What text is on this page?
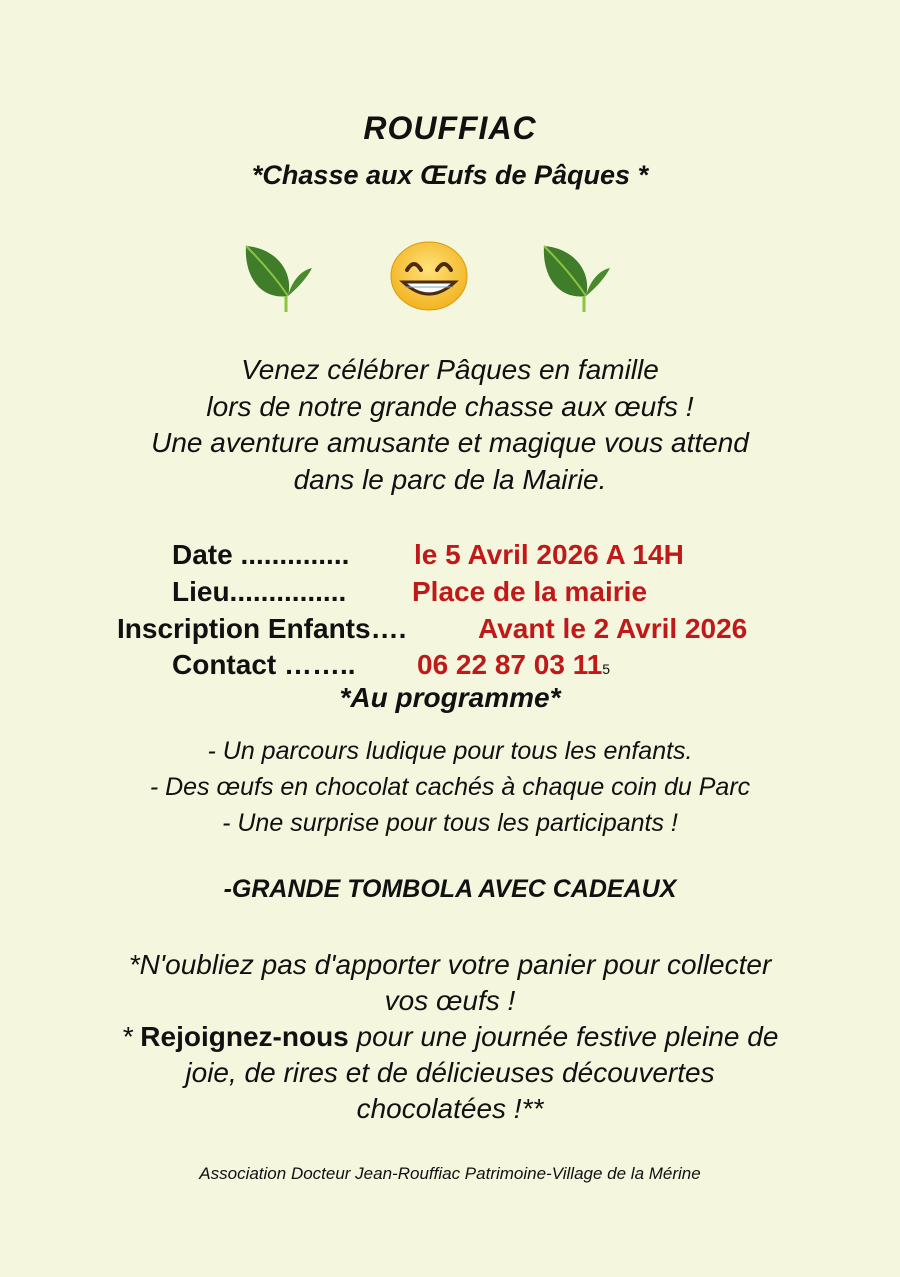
ROUFFIAC
*Chasse aux Œufs de Pâques *
Venez célébrer Pâques en famille
lors de notre grande chasse aux œufs !
Une aventure amusante et magique vous attend
dans le parc de la Mairie.
Date .............. le 5 Avril 2026 A 14H
Lieu............... Place de la mairie
Inscription Enfants….	Avant le 2 Avril 2026
Contact …….. 06 22 87 03 115
*Au programme*
- Un parcours ludique pour tous les enfants.
- Des œufs en chocolat cachés à chaque coin du Parc
- Une surprise pour tous les participants !
-GRANDE TOMBOLA AVEC CADEAUX
*N'oubliez pas d'apporter votre panier pour collecter
vos œufs !
* Rejoignez-nous pour une journée festive pleine de
joie, de rires et de délicieuses découvertes
chocolatées !**
Association Docteur Jean-Rouffiac Patrimoine-Village de la Mérine
